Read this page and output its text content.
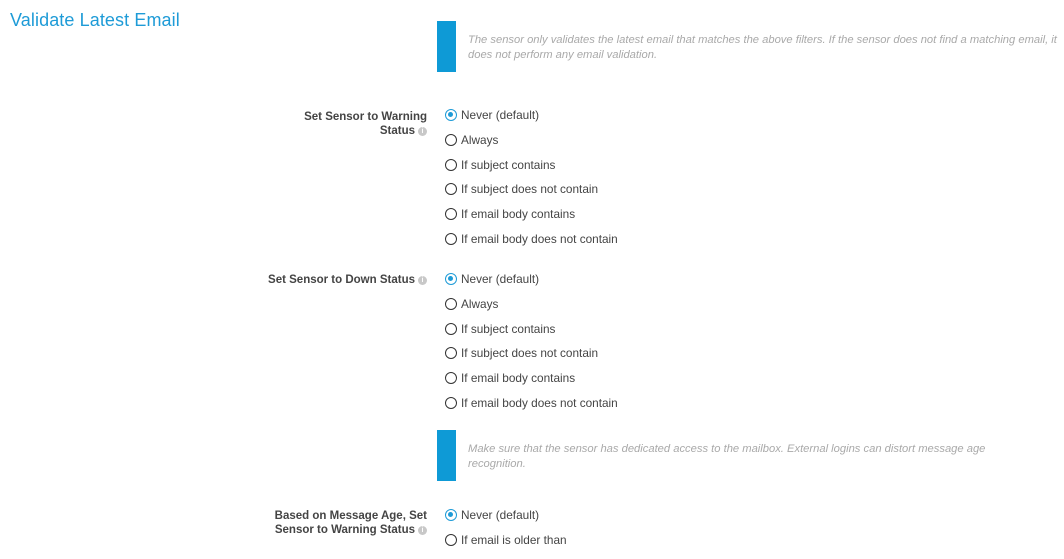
Validate Latest Email
The sensor only validates the latest email that matches the above filters. If the sensor does not find a matching email, it does not perform any email validation.
Set Sensor to Warning Status i
Never (default)
Always
If subject contains
If subject does not contain
If email body contains
If email body does not contain
Set Sensor to Down Status i	Never (default)
Always
If subject contains
If subject does not contain
If email body contains
If email body does not contain
Make sure that the sensor has dedicated access to the mailbox. External logins can distort message age recognition.
Based on Message Age, Set Sensor to Warning Status i
Never (default)
If email is older than
